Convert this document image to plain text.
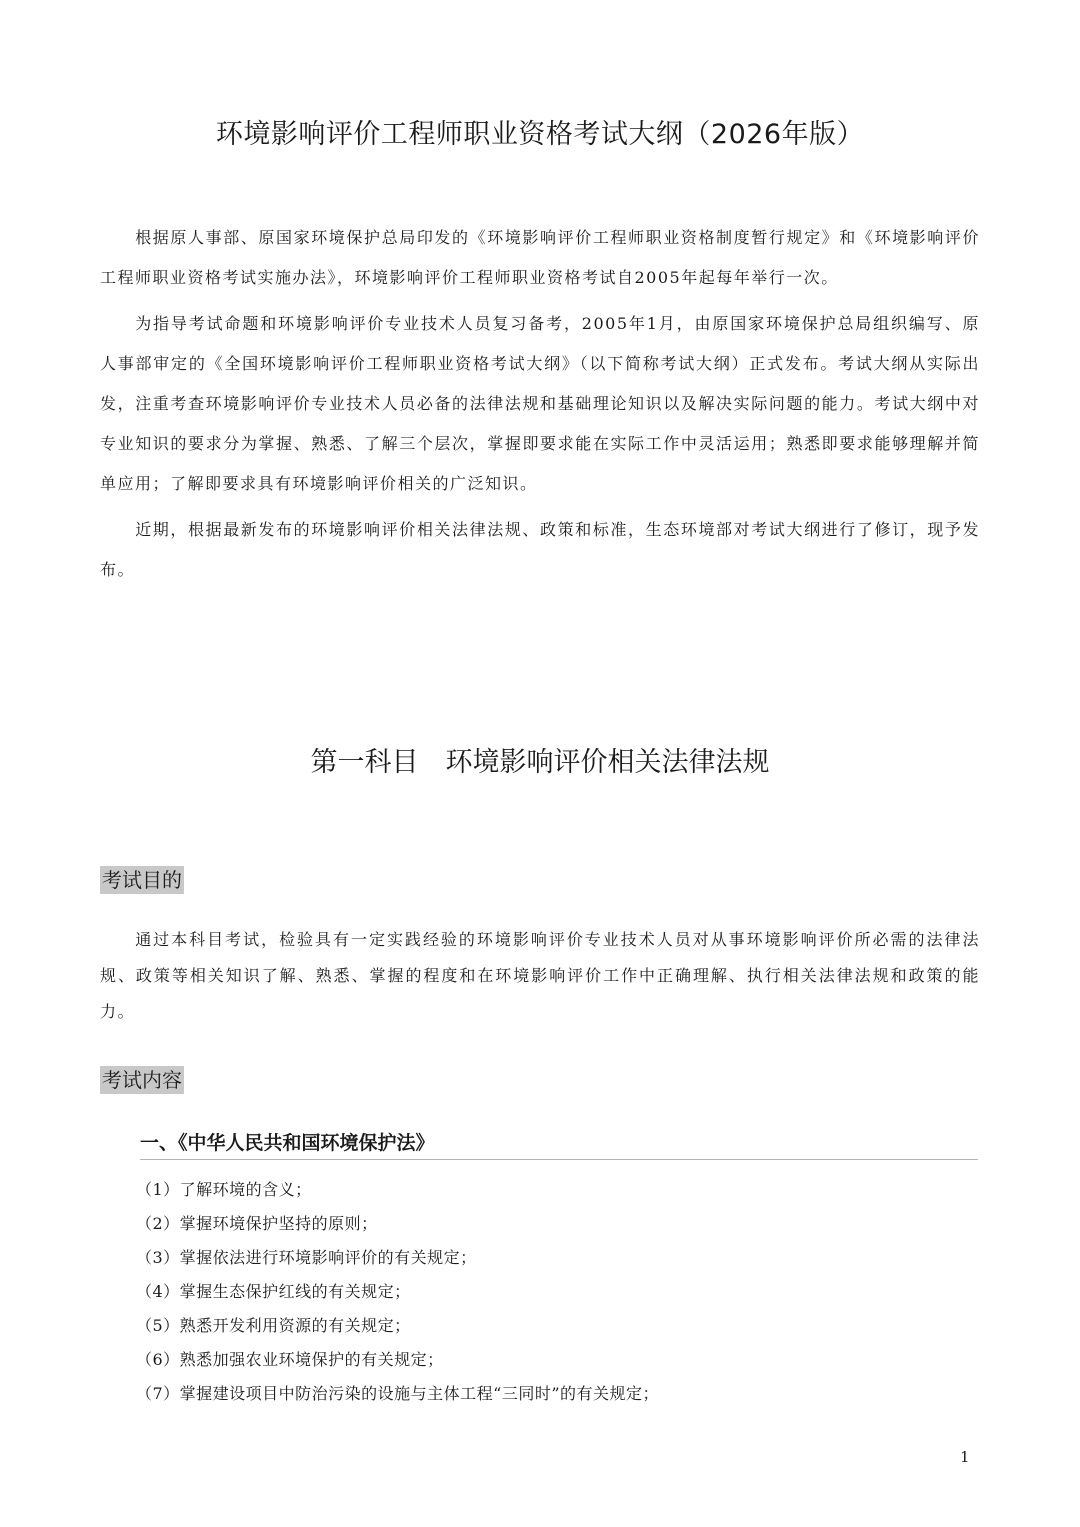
环境影响评价工程师职业资格考试大纲（2026年版）

根据原人事部、原国家环境保护总局印发的《环境影响评价工程师职业资格制度暂行规定》和《环境影响评价工程师职业资格考试实施办法》，环境影响评价工程师职业资格考试自2005年起每年举行一次。

为指导考试命题和环境影响评价专业技术人员复习备考，2005年1月，由原国家环境保护总局组织编写、原人事部审定的《全国环境影响评价工程师职业资格考试大纲》（以下简称考试大纲）正式发布。考试大纲从实际出发，注重考查环境影响评价专业技术人员必备的法律法规和基础理论知识以及解决实际问题的能力。考试大纲中对专业知识的要求分为掌握、熟悉、了解三个层次，掌握即要求能在实际工作中灵活运用；熟悉即要求能够理解并简单应用；了解即要求具有环境影响评价相关的广泛知识。

近期，根据最新发布的环境影响评价相关法律法规、政策和标准，生态环境部对考试大纲进行了修订，现予发布。

第一科目　环境影响评价相关法律法规
考试目的

通过本科目考试，检验具有一定实践经验的环境影响评价专业技术人员对从事环境影响评价所必需的法律法规、政策等相关知识了解、熟悉、掌握的程度和在环境影响评价工作中正确理解、执行相关法律法规和政策的能力。

考试内容
一、《中华人民共和国环境保护法》
（1）了解环境的含义；
（2）掌握环境保护坚持的原则；
（3）掌握依法进行环境影响评价的有关规定；
（4）掌握生态保护红线的有关规定；
（5）熟悉开发利用资源的有关规定；
（6）熟悉加强农业环境保护的有关规定；
（7）掌握建设项目中防治污染的设施与主体工程“三同时”的有关规定；
1
